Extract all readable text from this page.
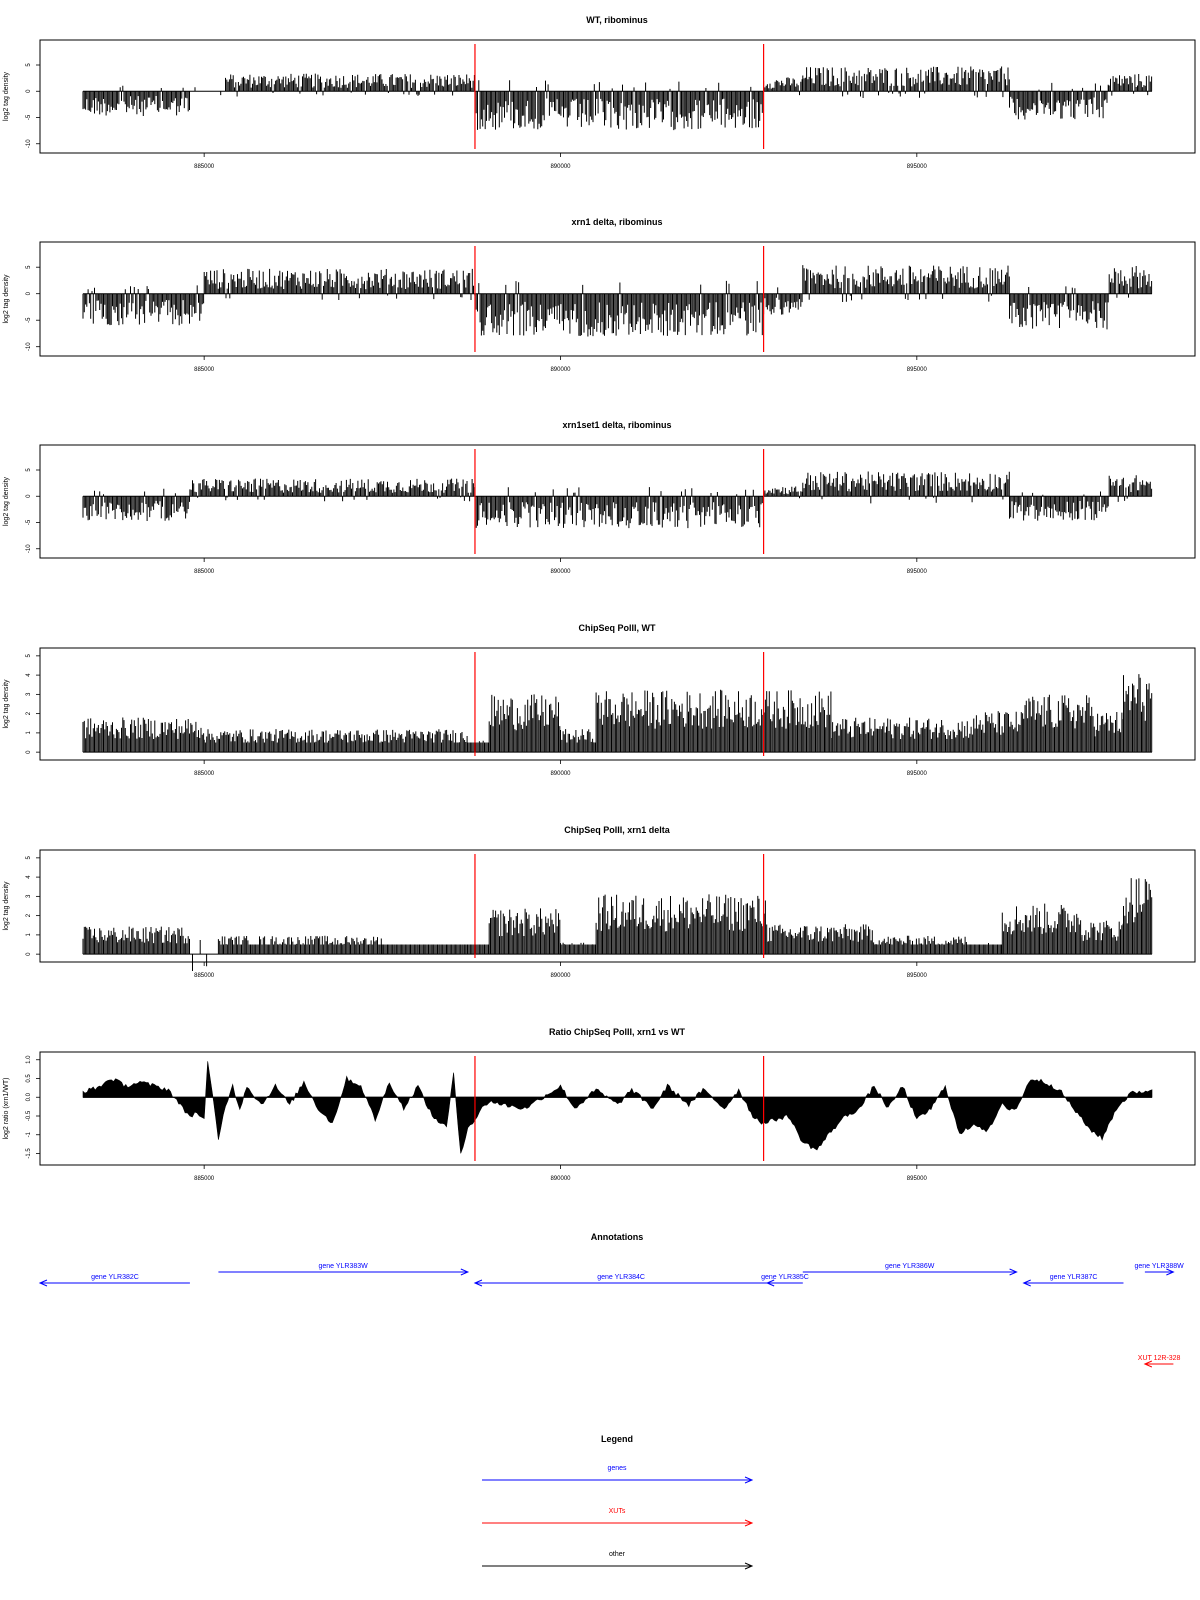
WT, ribominus
log2 tag density
-10
-5
0
5
885000	890000	895000
xrn1 delta, ribominus
log2 tag density
-10
-5
0
5
885000	890000	895000
xrn1set1 delta, ribominus
log2 tag density
-10
-5
0
5
885000	890000	895000
ChipSeq PolII, WT
log2 tag density
0
1
2
3
4
5
885000	890000	895000
ChipSeq PolII, xrn1 delta
log2 tag density
0
1
2
3
4
5
885000	890000	895000
Ratio ChipSeq PolII, xrn1 vs WT
log2 ratio (xrn1/WT)
-1.5
-1
-0.5
0.0
0.5
1.0
885000	890000	895000
Annotations
gene YLR382C
gene YLR383W
gene YLR384C	gene YLR385C
gene YLR386W
gene YLR387C
gene YLR388W
XUT 12R-328
Legend
genes
XUTs
other
